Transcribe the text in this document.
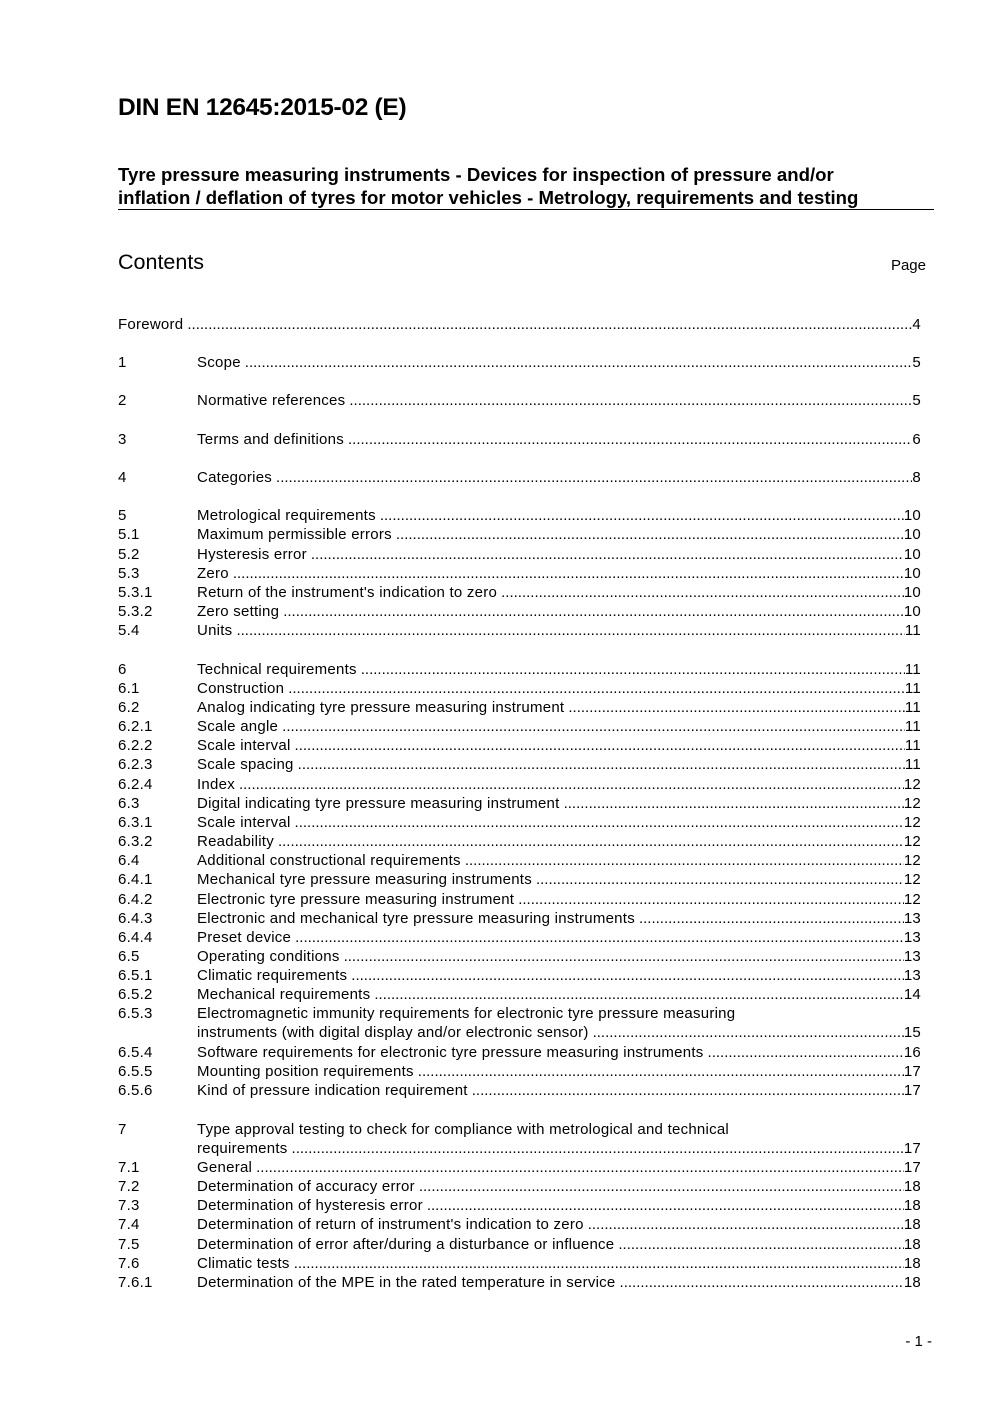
DIN EN 12645:2015-02 (E)
Tyre pressure measuring instruments - Devices for inspection of pressure and/or
inflation / deflation of tyres for motor vehicles - Metrology, requirements and testing
Contents	Page
Foreword .....	4
1	Scope .....	5
2	Normative references .....	5
3	Terms and definitions .....	6
4	Categories .....	8
5	Metrological requirements .....	10
5.1	Maximum permissible errors .....	10
5.2	Hysteresis error .....	10
5.3	Zero .....	10
5.3.1	Return of the instrument's indication to zero .....	10
5.3.2	Zero setting .....	10
5.4	Units .....	11
6	Technical requirements .....	11
6.1	Construction .....	11
6.2	Analog indicating tyre pressure measuring instrument .....	11
6.2.1	Scale angle .....	11
6.2.2	Scale interval .....	11
6.2.3	Scale spacing .....	11
6.2.4	Index .....	12
6.3	Digital indicating tyre pressure measuring instrument .....	12
6.3.1	Scale interval .....	12
6.3.2	Readability .....	12
6.4	Additional constructional requirements .....	12
6.4.1	Mechanical tyre pressure measuring instruments .....	12
6.4.2	Electronic tyre pressure measuring instrument .....	12
6.4.3	Electronic and mechanical tyre pressure measuring instruments .....	13
6.4.4	Preset device .....	13
6.5	Operating conditions .....	13
6.5.1	Climatic requirements .....	13
6.5.2	Mechanical requirements .....	14
6.5.3	Electromagnetic immunity requirements for electronic tyre pressure measuring
instruments (with digital display and/or electronic sensor) .....	15
6.5.4	Software requirements for electronic tyre pressure measuring instruments .....	16
6.5.5	Mounting position requirements .....	17
6.5.6	Kind of pressure indication requirement .....	17
7	Type approval testing to check for compliance with metrological and technical
requirements .....	17
7.1	General .....	17
7.2	Determination of accuracy error .....	18
7.3	Determination of hysteresis error .....	18
7.4	Determination of return of instrument's indication to zero .....	18
7.5	Determination of error after/during a disturbance or influence .....	18
7.6	Climatic tests .....	18
7.6.1	Determination of the MPE in the rated temperature in service .....	18
- 1 -
